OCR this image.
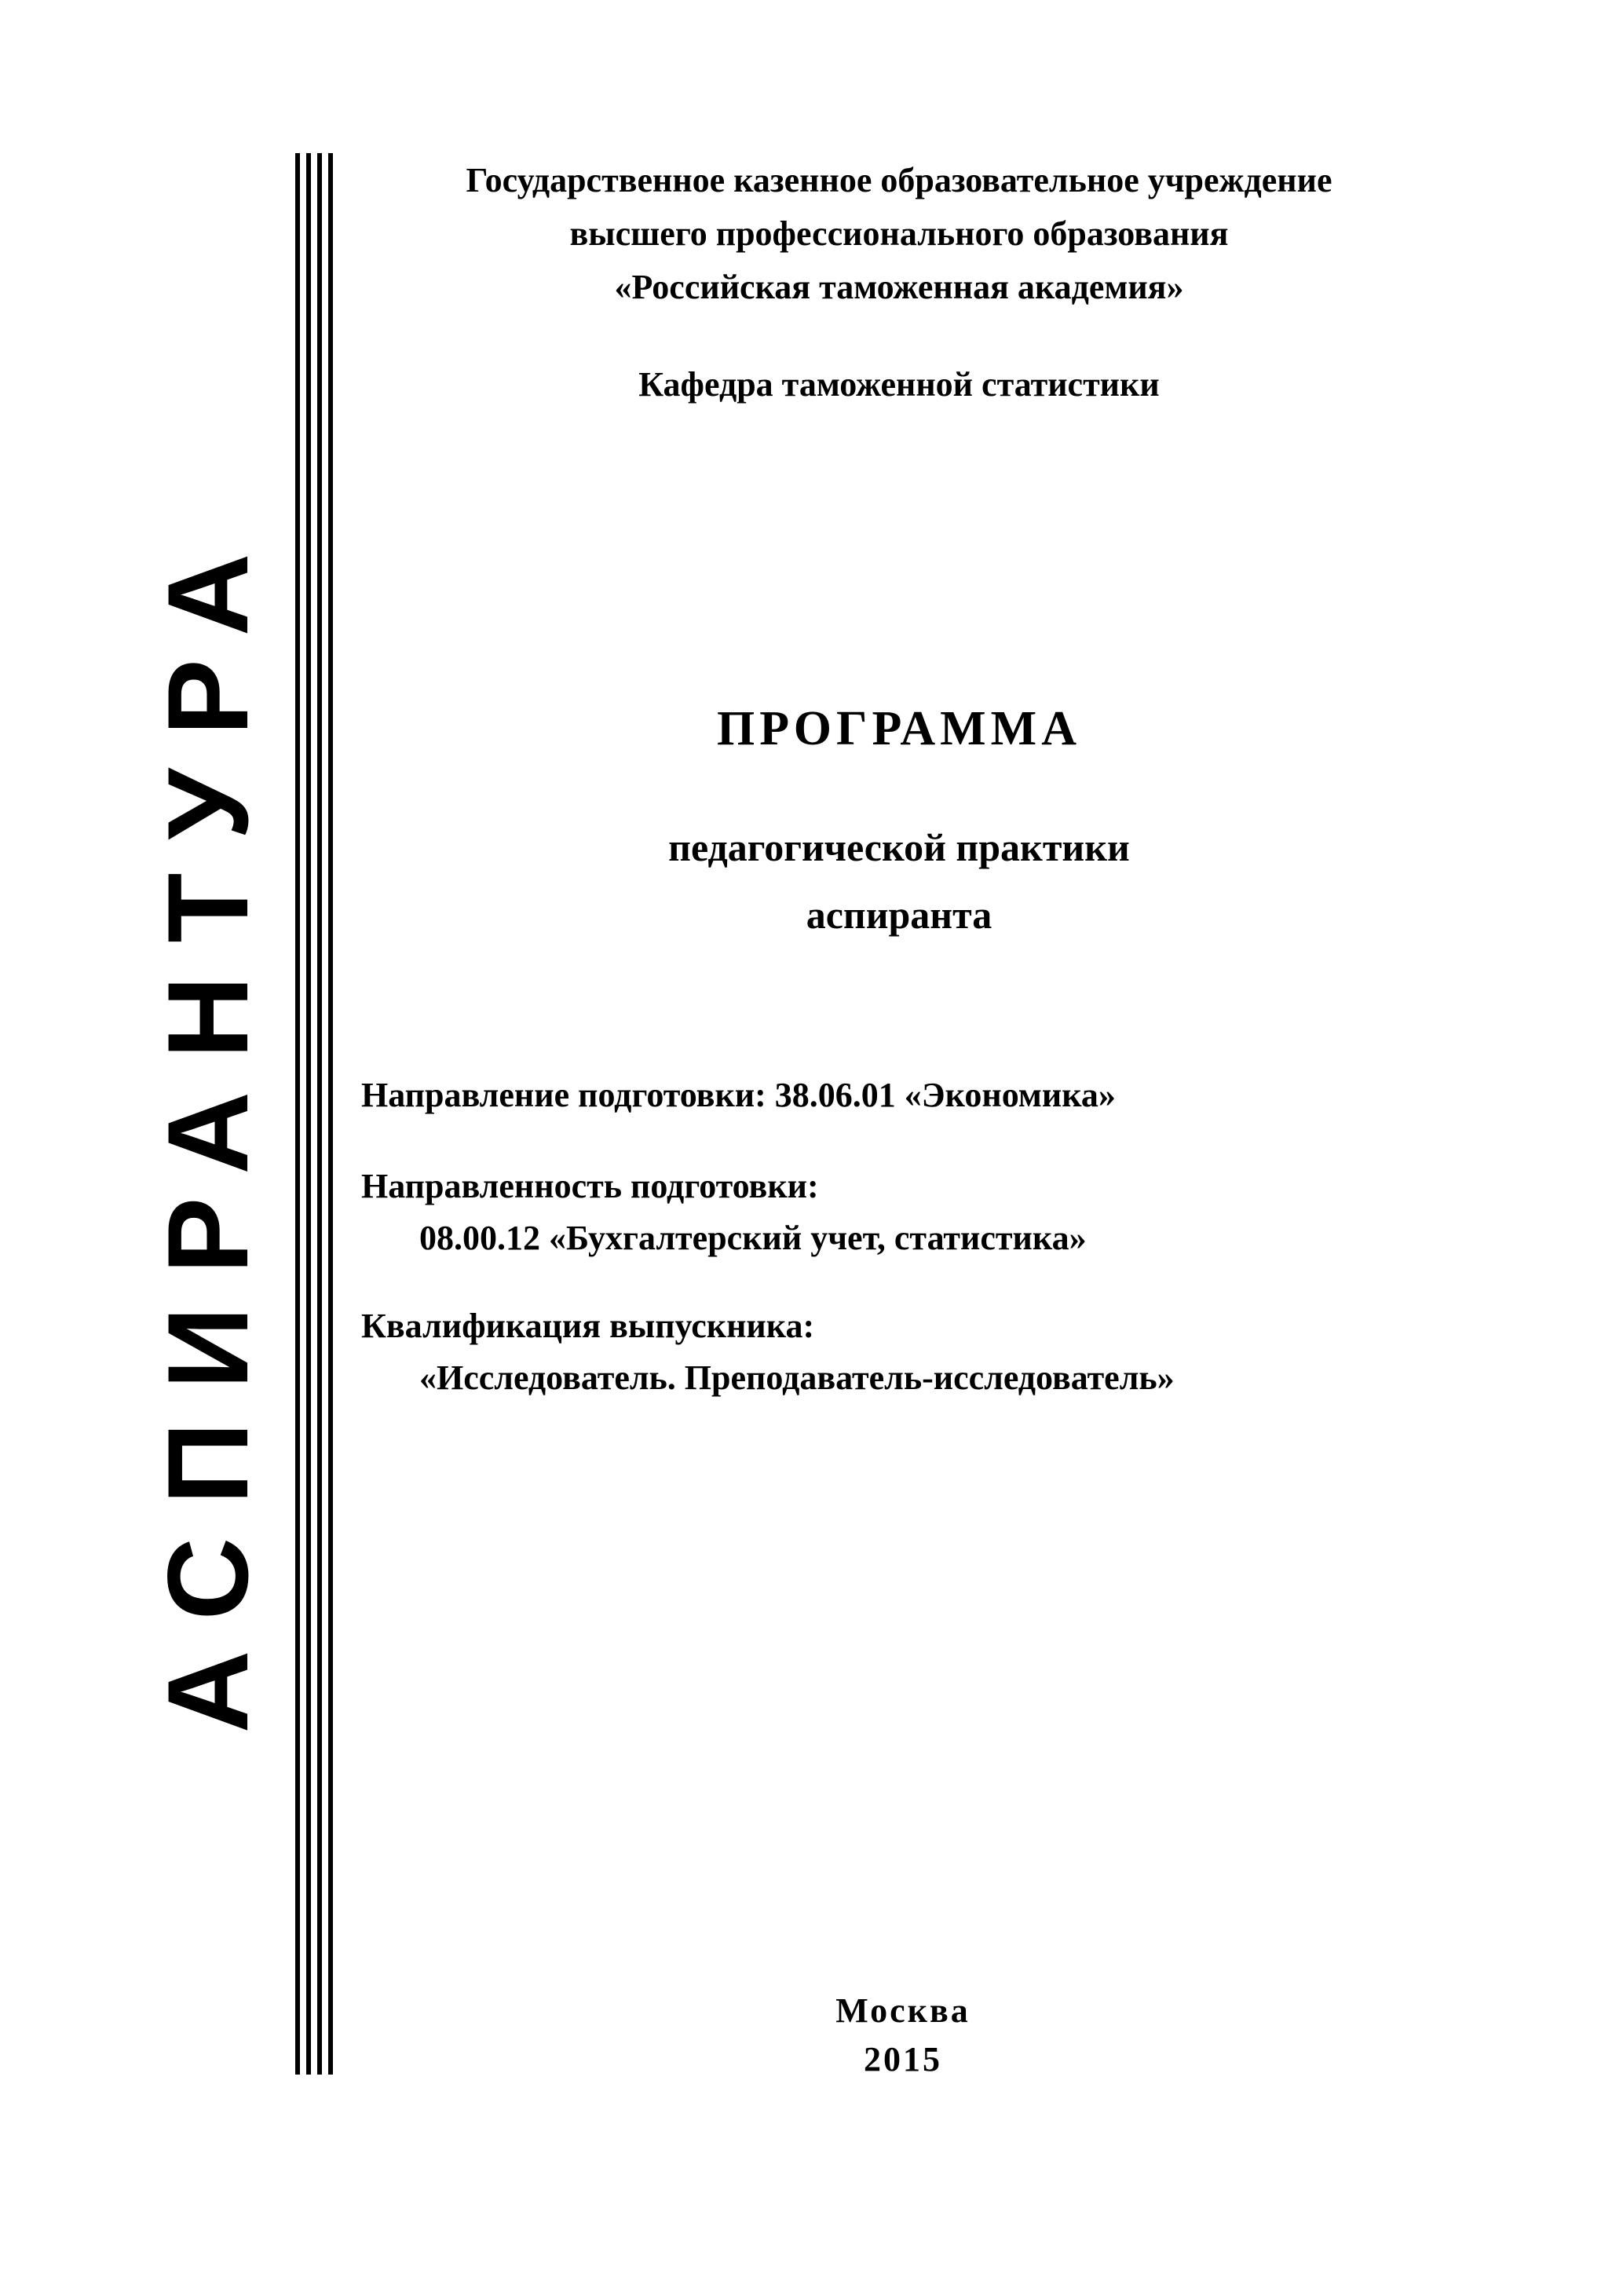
АСПИРАНТУРА
Государственное казенное образовательное учреждение
высшего профессионального образования
«Российская таможенная академия»
Кафедра таможенной статистики
ПРОГРАММА
педагогической практики
аспиранта
Направление подготовки: 38.06.01 «Экономика»
Направленность подготовки:
08.00.12 «Бухгалтерский учет, статистика»
Квалификация выпускника:
«Исследователь. Преподаватель-исследователь»
Москва
2015
